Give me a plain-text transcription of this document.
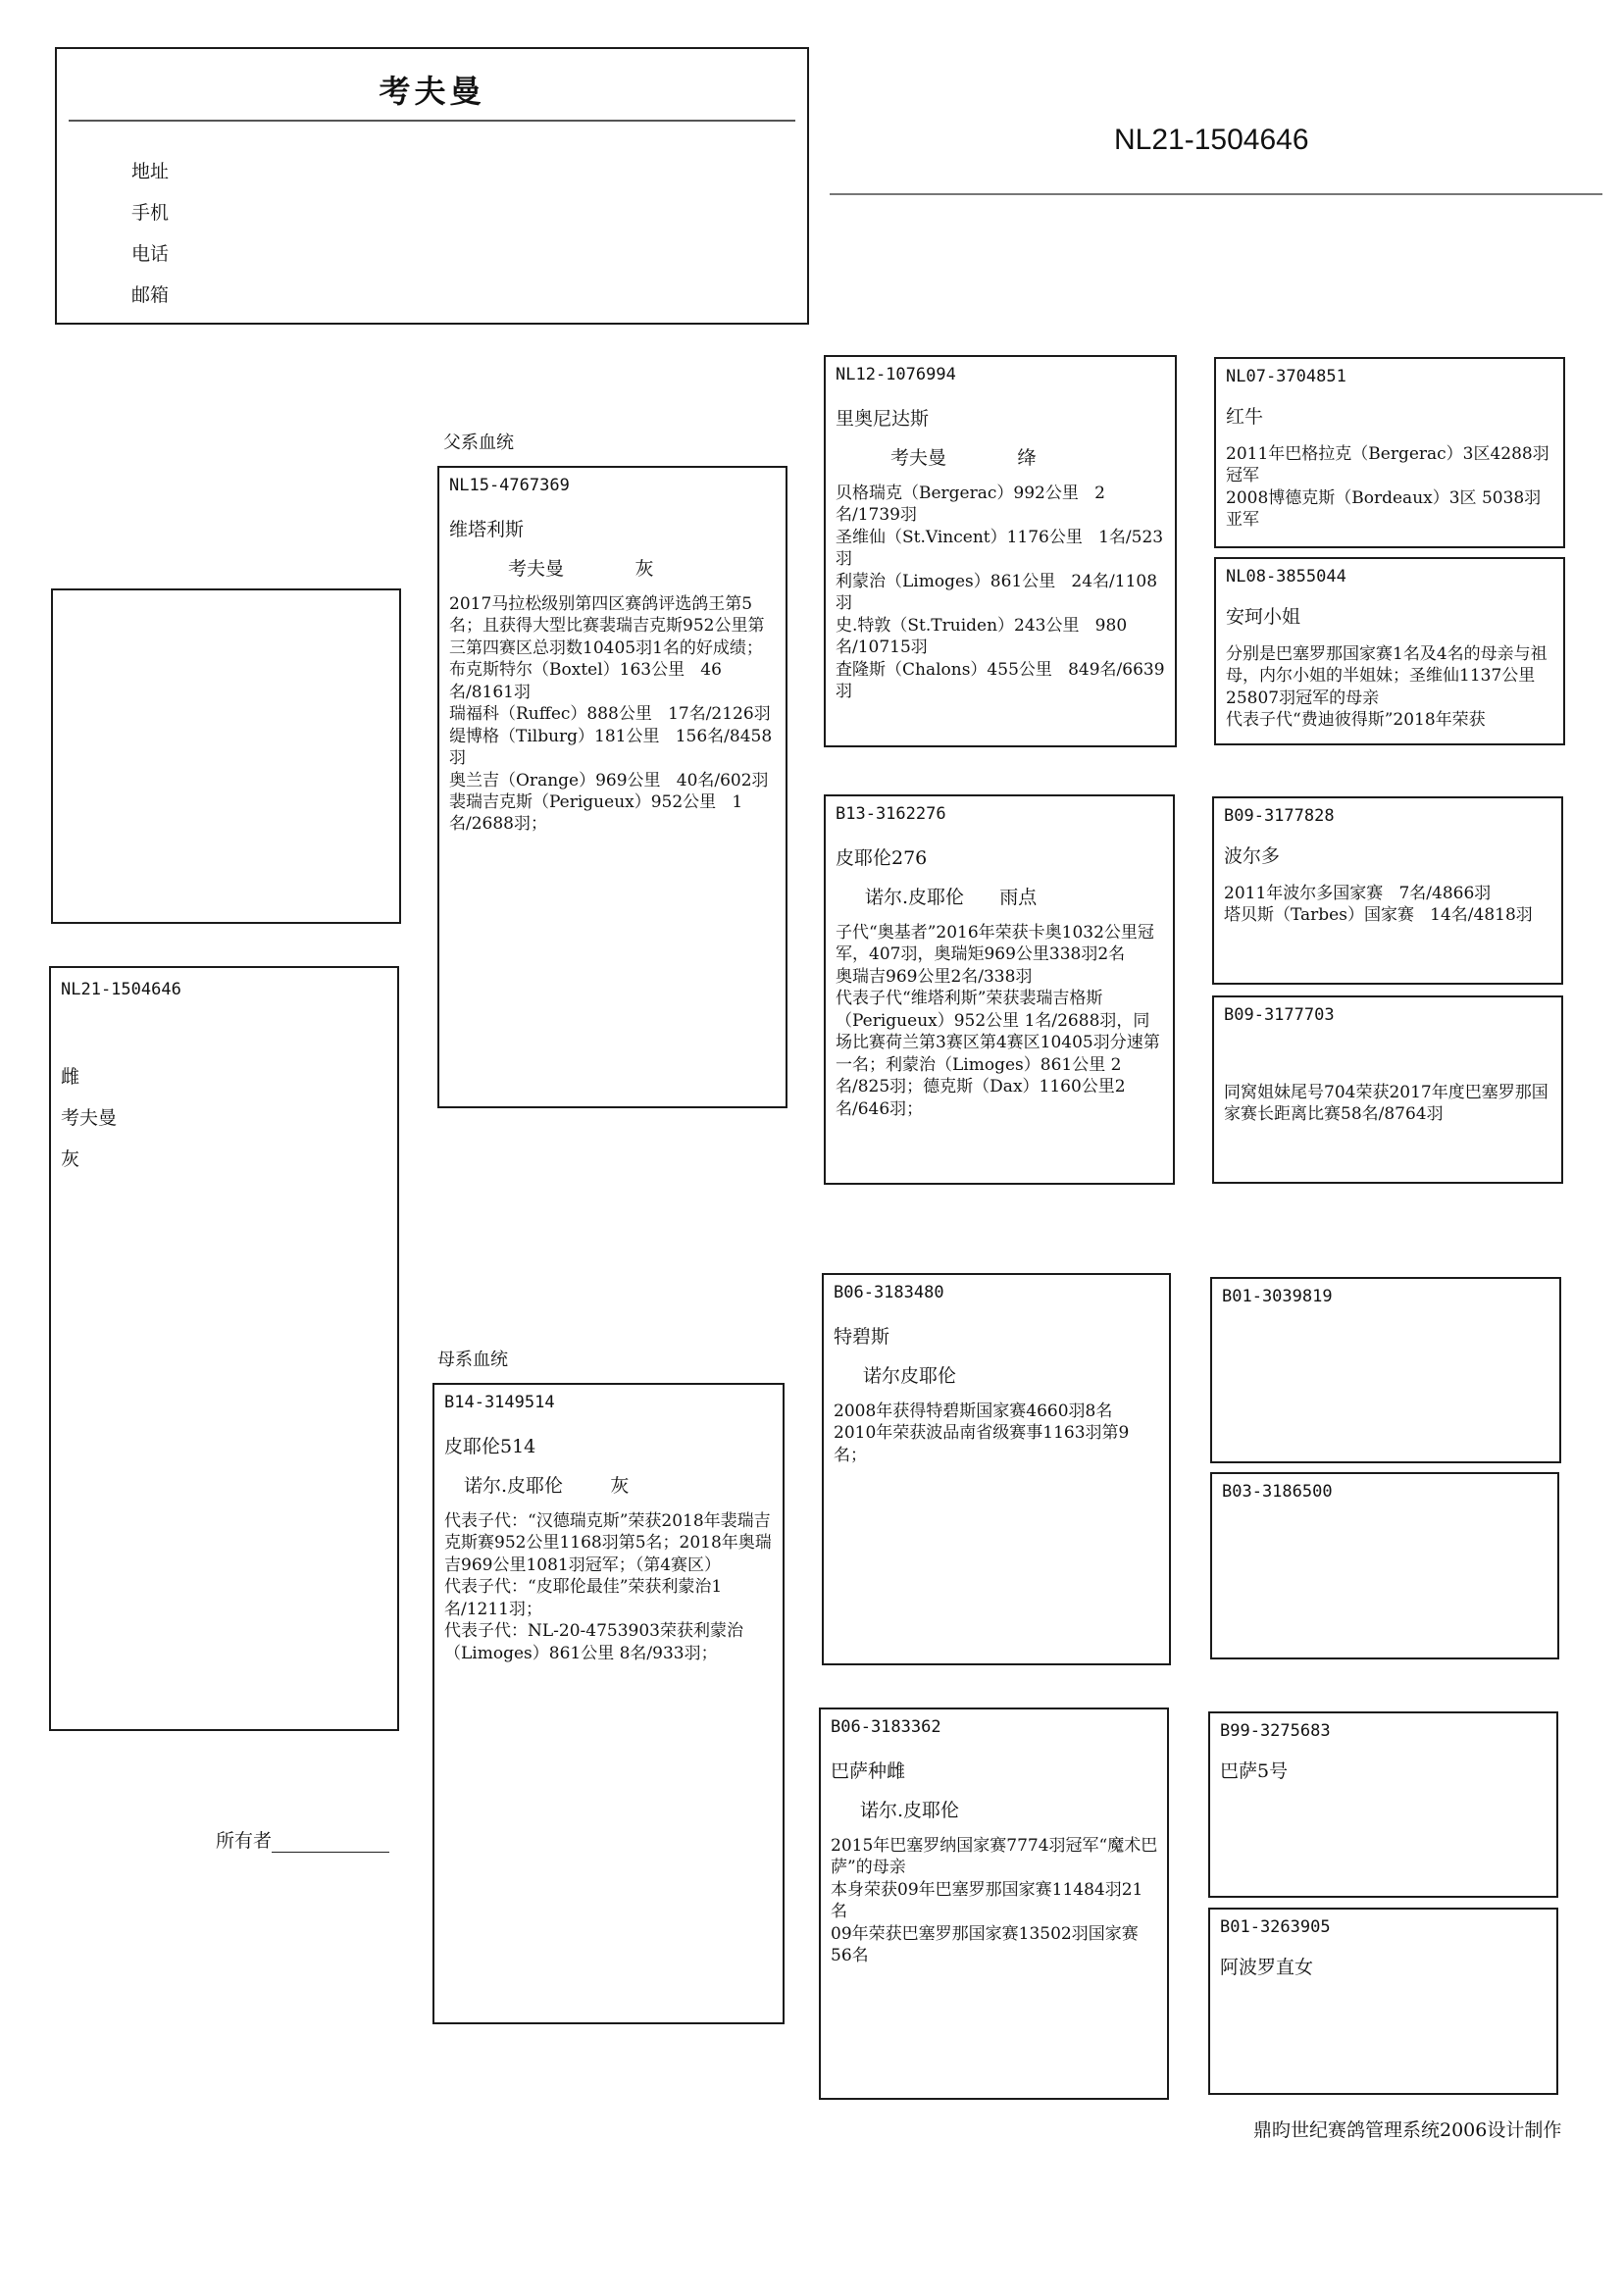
考夫曼
地址
手机
电话
邮箱
NL21-1504646
NL21-1504646
雌
考夫曼
灰
所有者
父系血统
母系血统
NL15-4767369
维塔利斯
考夫曼            灰
2017马拉松级别第四区赛鸽评选鸽王第5名；且获得大型比赛裴瑞吉克斯952公里第三第四赛区总羽数10405羽1名的好成绩；
布克斯特尔（Boxtel）163公里   46名/8161羽
瑞福科（Ruffec）888公里   17名/2126羽
缇博格（Tilburg）181公里   156名/8458羽
奥兰吉（Orange）969公里   40名/602羽
裴瑞吉克斯（Perigueux）952公里   1名/2688羽；
B14-3149514
皮耶伦514
诺尔.皮耶伦        灰
代表子代：“汉德瑞克斯”荣获2018年裴瑞吉克斯赛952公里1168羽第5名；2018年奥瑞吉969公里1081羽冠军；（第4赛区）
代表子代：“皮耶伦最佳”荣获利蒙治1名/1211羽；
代表子代：NL-20-4753903荣获利蒙治（Limoges）861公里 8名/933羽；
NL12-1076994
里奥尼达斯
考夫曼            绛
贝格瑞克（Bergerac）992公里   2名/1739羽
圣维仙（St.Vincent）1176公里   1名/523羽
利蒙治（Limoges）861公里   24名/1108羽
史.特敦（St.Truiden）243公里   980名/10715羽
査隆斯（Chalons）455公里   849名/6639羽
B13-3162276
皮耶伦276
诺尔.皮耶伦      雨点
子代“奥基者”2016年荣获卡奥1032公里冠军，407羽，奥瑞矩969公里338羽2名
奥瑞吉969公里2名/338羽
代表子代“维塔利斯”荣获裴瑞吉格斯（Perigueux）952公里 1名/2688羽，同场比赛荷兰第3赛区第4赛区10405羽分速第一名；利蒙治（Limoges）861公里 2名/825羽；德克斯（Dax）1160公里2名/646羽；
B06-3183480
特碧斯
诺尔皮耶伦
2008年获得特碧斯国家赛4660羽8名
2010年荣获波品南省级赛事1163羽第9名；
B06-3183362
巴萨种雌
诺尔.皮耶伦
2015年巴塞罗纳国家赛7774羽冠军“魔术巴萨”的母亲
本身荣获09年巴塞罗那国家赛11484羽21名
09年荣获巴塞罗那国家赛13502羽国家赛56名
NL07-3704851
红牛
2011年巴格拉克（Bergerac）3区4288羽冠军
2008博德克斯（Bordeaux）3区 5038羽 亚军
NL08-3855044
安珂小姐
分别是巴塞罗那国家赛1名及4名的母亲与祖母，内尔小姐的半姐妹；圣维仙1137公里25807羽冠军的母亲
代表子代“费迪彼得斯”2018年荣获
B09-3177828
波尔多
2011年波尔多国家赛   7名/4866羽
塔贝斯（Tarbes）国家赛   14名/4818羽
B09-3177703
同窝姐妹尾号704荣获2017年度巴塞罗那国家赛长距离比赛58名/8764羽
B01-3039819
B03-3186500
B99-3275683
巴萨5号
B01-3263905
阿波罗直女
鼎昀世纪赛鸽管理系统2006设计制作
